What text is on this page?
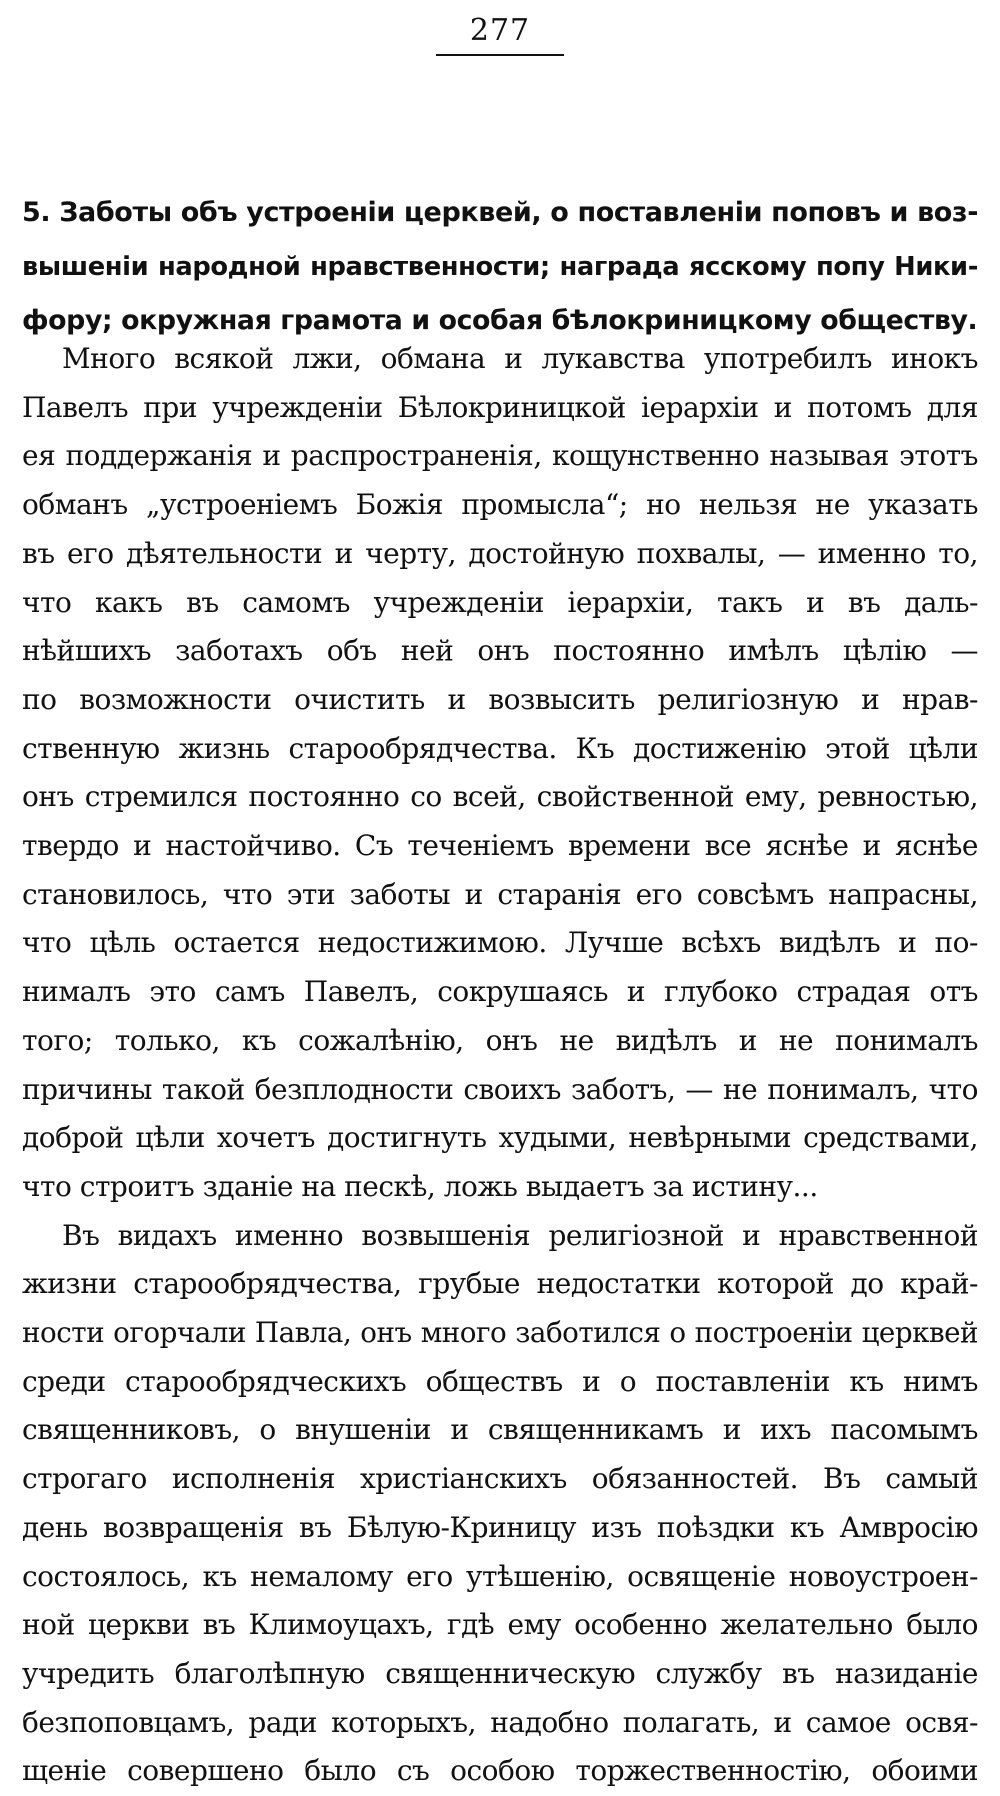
277
5. Заботы объ устроеніи церквей, о поставленіи поповъ и воз-
вышеніи народной нравственности; награда ясскому попу Ники-
фору; окружная грамота и особая бѣлокриницкому обществу.
Много всякой лжи, обмана и лукавства употребилъ инокъ
Павелъ при учрежденіи Бѣлокриницкой іерархіи и потомъ для
ея поддержанія и распространенія, кощунственно называя этотъ
обманъ „устроеніемъ Божія промысла“; но нельзя не указать
въ его дѣятельности и черту, достойную похвалы, — именно то,
что какъ въ самомъ учрежденіи іерархіи, такъ и въ даль-
нѣйшихъ заботахъ объ ней онъ постоянно имѣлъ цѣлію —
по возможности очистить и возвысить религіозную и нрав-
ственную жизнь старообрядчества. Къ достиженію этой цѣли
онъ стремился постоянно со всей, свойственной ему, ревностью,
твердо и настойчиво. Съ теченіемъ времени все яснѣе и яснѣе
становилось, что эти заботы и старанія его совсѣмъ напрасны,
что цѣль остается недостижимою. Лучше всѣхъ видѣлъ и по-
нималъ это самъ Павелъ, сокрушаясь и глубоко страдая отъ
того; только, къ сожалѣнію, онъ не видѣлъ и не понималъ
причины такой безплодности своихъ заботъ, — не понималъ, что
доброй цѣли хочетъ достигнуть худыми, невѣрными средствами,
что строитъ зданіе на пескѣ, ложь выдаетъ за истину...
Въ видахъ именно возвышенія религіозной и нравственной
жизни старообрядчества, грубые недостатки которой до край-
ности огорчали Павла, онъ много заботился о построеніи церквей
среди старообрядческихъ обществъ и о поставленіи къ нимъ
священниковъ, о внушеніи и священникамъ и ихъ пасомымъ
строгаго исполненія христіанскихъ обязанностей. Въ самый
день возвращенія въ Бѣлую-Криницу изъ поѣздки къ Амвросію
состоялось, къ немалому его утѣшенію, освященіе новоустроен-
ной церкви въ Климоуцахъ, гдѣ ему особенно желательно было
учредить благолѣпную священническую службу въ назиданіе
безпоповцамъ, ради которыхъ, надобно полагать, и самое освя-
щеніе совершено было съ особою торжественностію, обоими
